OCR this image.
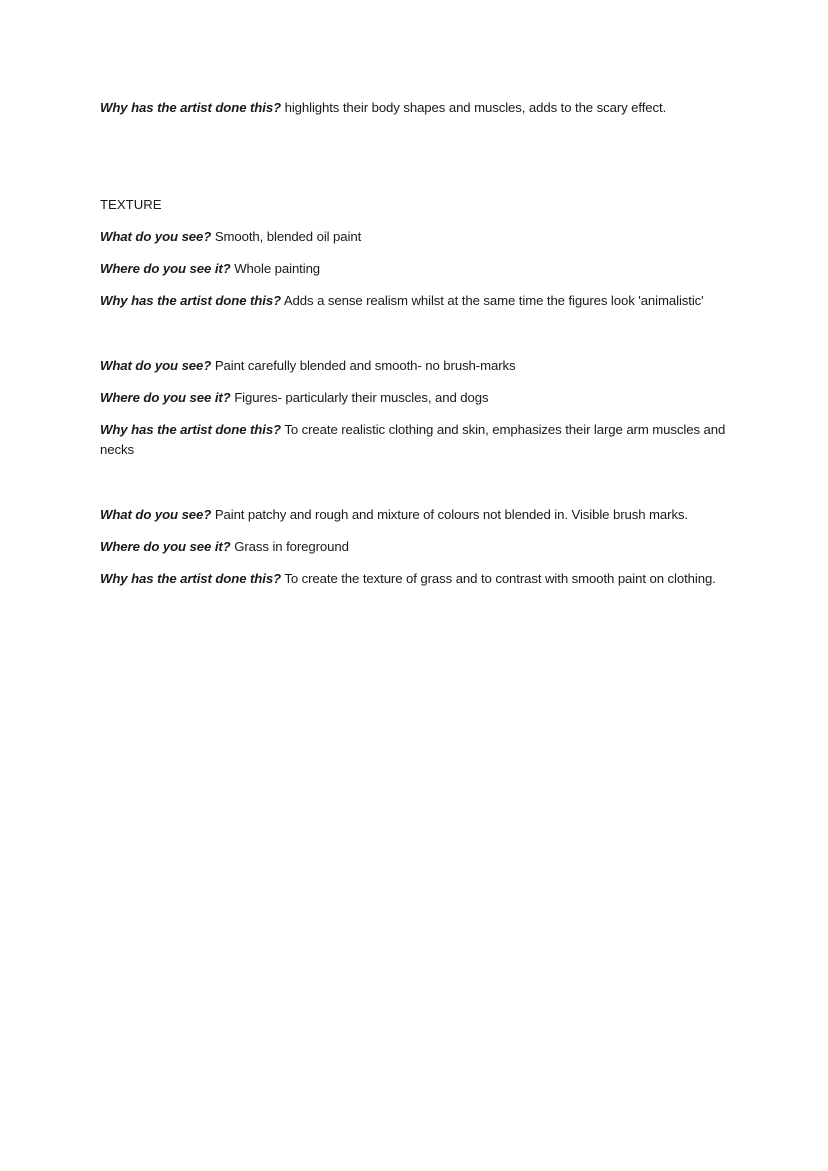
Why has the artist done this? highlights their body shapes and muscles, adds to the scary effect.

TEXTURE

What do you see? Smooth, blended oil paint

Where do you see it? Whole painting

Why has the artist done this? Adds a sense realism whilst at the same time the figures look 'animalistic'

What do you see? Paint carefully blended and smooth- no brush-marks

Where do you see it? Figures- particularly their muscles, and dogs

Why has the artist done this? To create realistic clothing and skin, emphasizes their large arm muscles and necks

What do you see? Paint patchy and rough and mixture of colours not blended in. Visible brush marks.

Where do you see it? Grass in foreground

Why has the artist done this? To create the texture of grass and to contrast with smooth paint on clothing.
